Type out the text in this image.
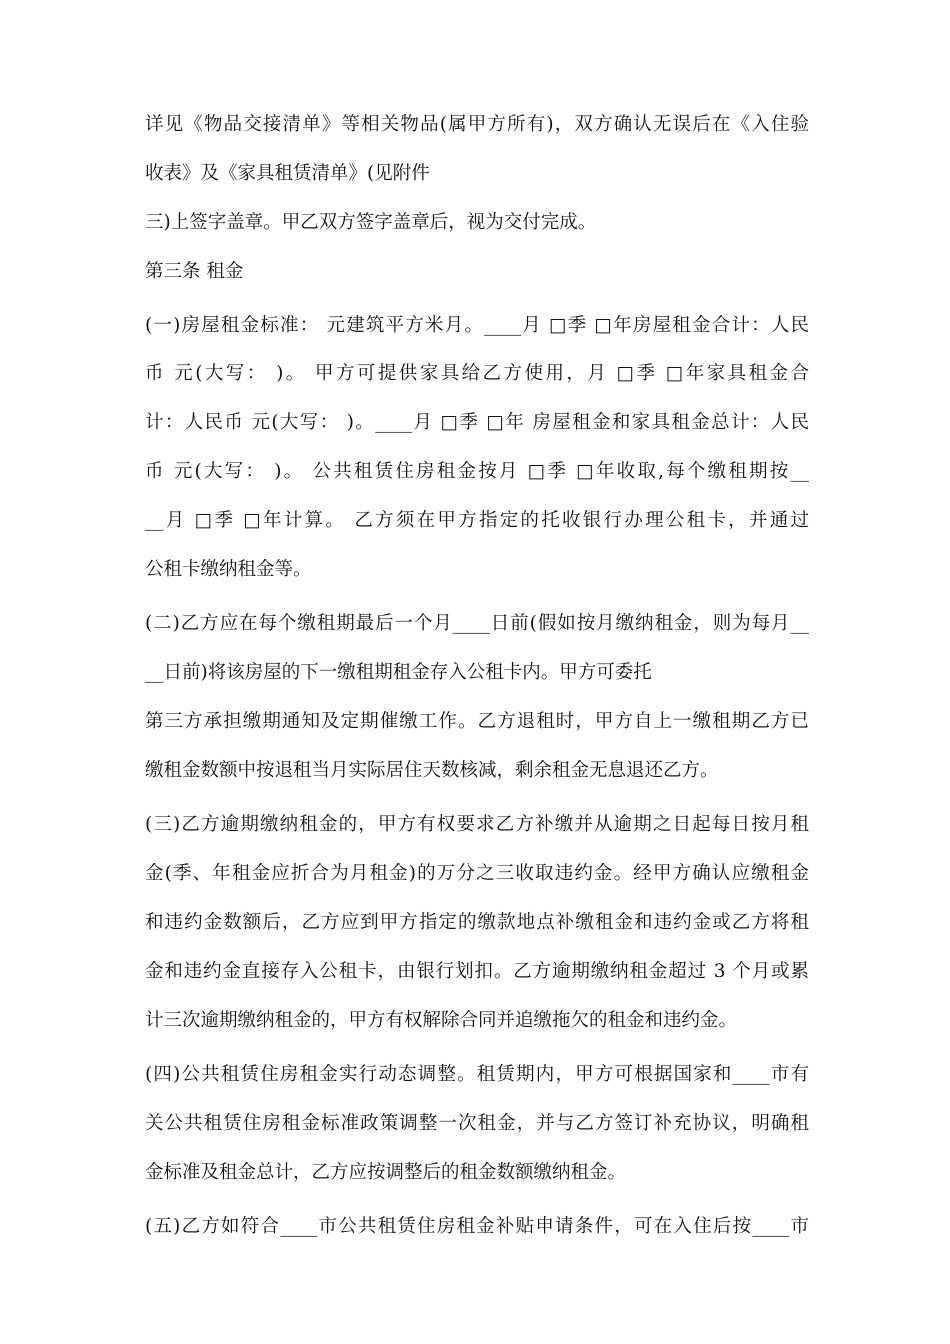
详见《物品交接清单》等相关物品(属甲方所有)，双方确认无误后在《入住验
收表》及《家具租赁清单》(见附件
三)上签字盖章。甲乙双方签字盖章后，视为交付完成。
第三条 租金
(一)房屋租金标准： 元建筑平方米月。____月 □季 □年房屋租金合计：人民
币 元(大写： )。 甲方可提供家具给乙方使用，月 □季 □年家具租金合
计：人民币 元(大写： )。____月 □季 □年 房屋租金和家具租金总计：人民
币 元(大写： )。 公共租赁住房租金按月 □季 □年收取,每个缴租期按__
__月 □季 □年计算。 乙方须在甲方指定的托收银行办理公租卡，并通过
公租卡缴纳租金等。
(二)乙方应在每个缴租期最后一个月____日前(假如按月缴纳租金，则为每月__
__日前)将该房屋的下一缴租期租金存入公租卡内。甲方可委托
第三方承担缴期通知及定期催缴工作。乙方退租时，甲方自上一缴租期乙方已
缴租金数额中按退租当月实际居住天数核减，剩余租金无息退还乙方。
(三)乙方逾期缴纳租金的，甲方有权要求乙方补缴并从逾期之日起每日按月租
金(季、年租金应折合为月租金)的万分之三收取违约金。经甲方确认应缴租金
和违约金数额后，乙方应到甲方指定的缴款地点补缴租金和违约金或乙方将租
金和违约金直接存入公租卡，由银行划扣。乙方逾期缴纳租金超过 3 个月或累
计三次逾期缴纳租金的，甲方有权解除合同并追缴拖欠的租金和违约金。
(四)公共租赁住房租金实行动态调整。租赁期内，甲方可根据国家和____市有
关公共租赁住房租金标准政策调整一次租金，并与乙方签订补充协议，明确租
金标准及租金总计，乙方应按调整后的租金数额缴纳租金。
(五)乙方如符合____市公共租赁住房租金补贴申请条件，可在入住后按____市
